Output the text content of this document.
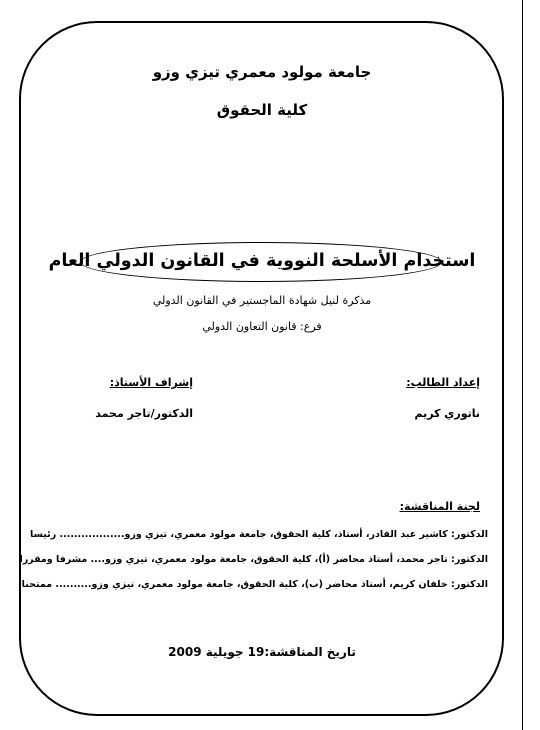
جامعة مولود معمري تيزي وزو
كلية الحقوق
استخدام الأسلحة النووية في القانون الدولي العام
مذكرة لنيل شهادة الماجستير في القانون الدولي
فرع: قانون التعاون الدولي
إعداد الطالب:
ناتوري كريم
إشراف الأستاذ:
الدكتور/تاجر محمد
لجنة المناقشة:
الدكتور: كاشير عبد القادر، أستاذ، كلية الحقوق، جامعة مولود معمري، تيزي وزو.................. رئيسا
الدكتور: تاجر محمد، أستاذ محاضر (أ)، كلية الحقوق، جامعة مولود معمري، تيزي وزو.... مشرفا ومقررا
الدكتور: خلفان كريم، أستاذ محاضر (ب)، كلية الحقوق، جامعة مولود معمري، تيزي وزو.......... ممتحنا
تاريخ المناقشة:19 جويلية 2009
